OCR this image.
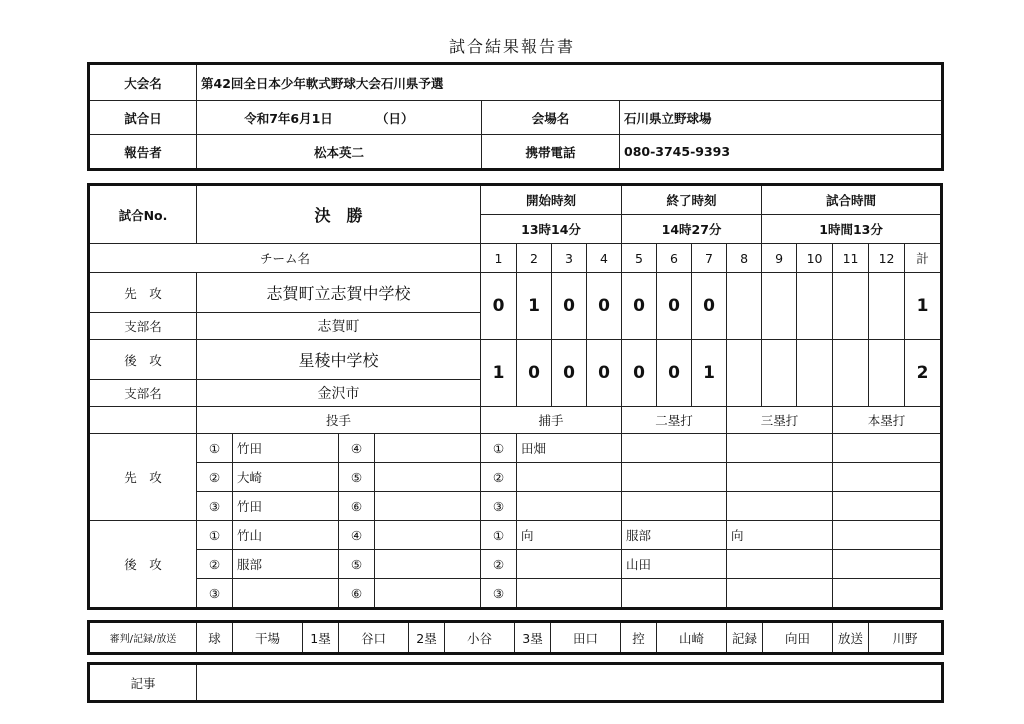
試合結果報告書
大会名	第42回全日本少年軟式野球大会石川県予選		
試合日	令和7年6月1日 （日）	会場名	石川県立野球場
報告者	松本英二	携帯電話	080-3745-9393
試合No.	決　勝				開始時刻				終了時刻				試合時間				
					13時14分				14時27分				1時間13分				
チーム名					1	2	3	4	5	6	7	8	9	10	11	12	計
先　攻	志賀町立志賀中学校				0	1	0	0	0	0	0						1
支部名	志賀町																
後　攻	星稜中学校				1	0	0	0	0	0	1						2
支部名	金沢市																
	投手				捕手				二塁打			三塁打			本塁打		
先　攻	①	竹田	④		①	田畑											
	②	大崎	⑤		②												
	③	竹田	⑥		③												
後　攻	①	竹山	④		①	向			服部			向					
	②	服部	⑤		②				山田								
	③		⑥		③												
審判/記録/放送	球	干場	1塁	谷口	2塁	小谷	3塁	田口	控	山崎	記録	向田	放送	川野
記事	
